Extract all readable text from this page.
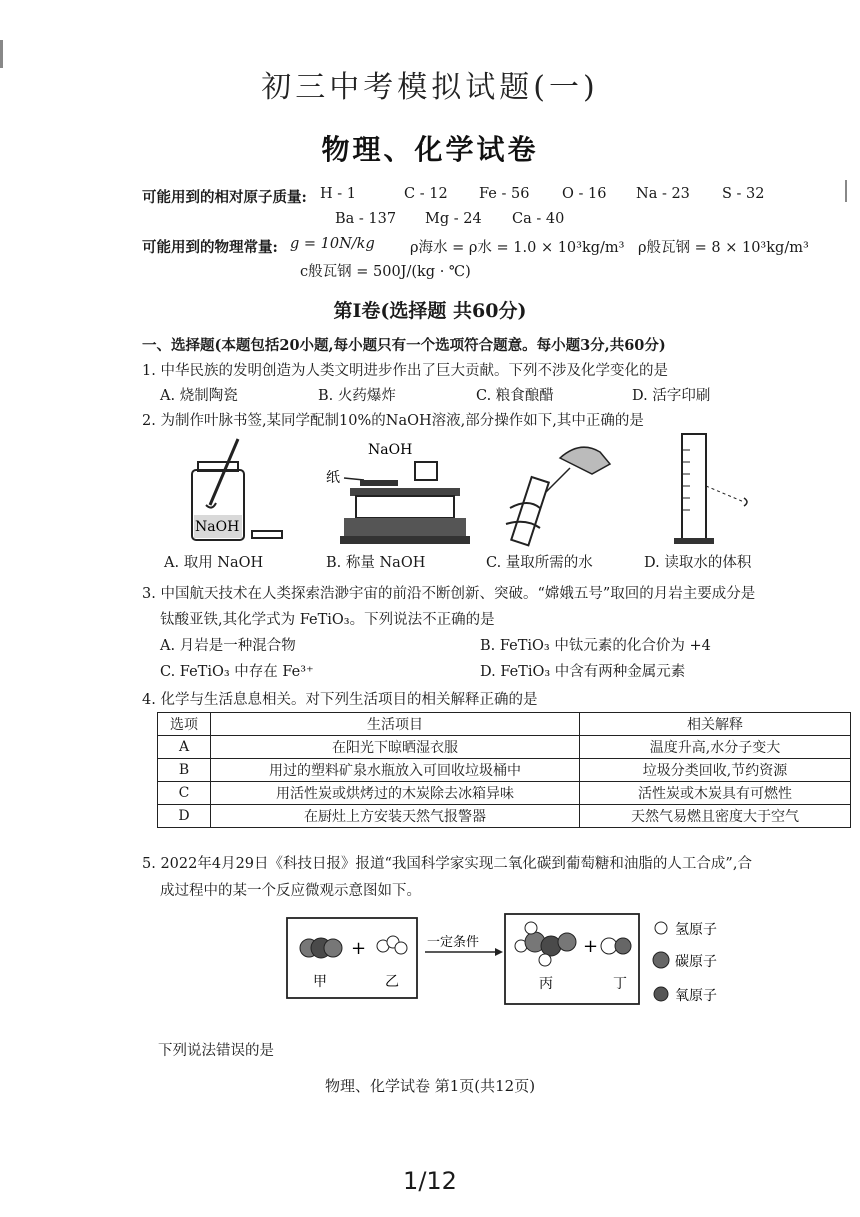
初三中考模拟试题(一)
物理、化学试卷
可能用到的相对原子质量: H - 1	C - 12 Fe - 56 O - 16 Na - 23 S - 32
Ba - 137 Mg - 24 Ca - 40
可能用到的物理常量: g = 10N/kg ρ海水 = ρ水 = 1.0 × 10³kg/m³ ρ般瓦钢 = 8 × 10³kg/m³
c般瓦钢 = 500J/(kg · ℃)
第Ⅰ卷(选择题 共60分)
一、选择题(本题包括20小题,每小题只有一个选项符合题意。每小题3分,共60分)
1. 中华民族的发明创造为人类文明进步作出了巨大贡献。下列不涉及化学变化的是
A. 烧制陶瓷	B. 火药爆炸	C. 粮食酿醋	D. 活字印刷
2. 为制作叶脉书签,某同学配制10%的NaOH溶液,部分操作如下,其中正确的是
NaOH
NaOH
纸
A. 取用 NaOH	B. 称量 NaOH	C. 量取所需的水	D. 读取水的体积
3. 中国航天技术在人类探索浩渺宇宙的前沿不断创新、突破。“嫦娥五号”取回的月岩主要成分是
钛酸亚铁,其化学式为 FeTiO₃。下列说法不正确的是
A. 月岩是一种混合物	B. FeTiO₃ 中钛元素的化合价为 +4
C. FeTiO₃ 中存在 Fe³⁺	D. FeTiO₃ 中含有两种金属元素
4. 化学与生活息息相关。对下列生活项目的相关解释正确的是
选项	生活项目	相关解释
A	在阳光下晾晒湿衣服	温度升高,水分子变大
B	用过的塑料矿泉水瓶放入可回收垃圾桶中	垃圾分类回收,节约资源
C	用活性炭或烘烤过的木炭除去冰箱异味	活性炭或木炭具有可燃性
D	在厨灶上方安装天然气报警器	天然气易燃且密度大于空气
5. 2022年4月29日《科技日报》报道“我国科学家实现二氧化碳到葡萄糖和油脂的人工合成”,合
成过程中的某一个反应微观示意图如下。
+
甲	乙
一定条件	+
丙	丁
氢原子
碳原子
氧原子
下列说法错误的是
物理、化学试卷 第1页(共12页)
1/12
